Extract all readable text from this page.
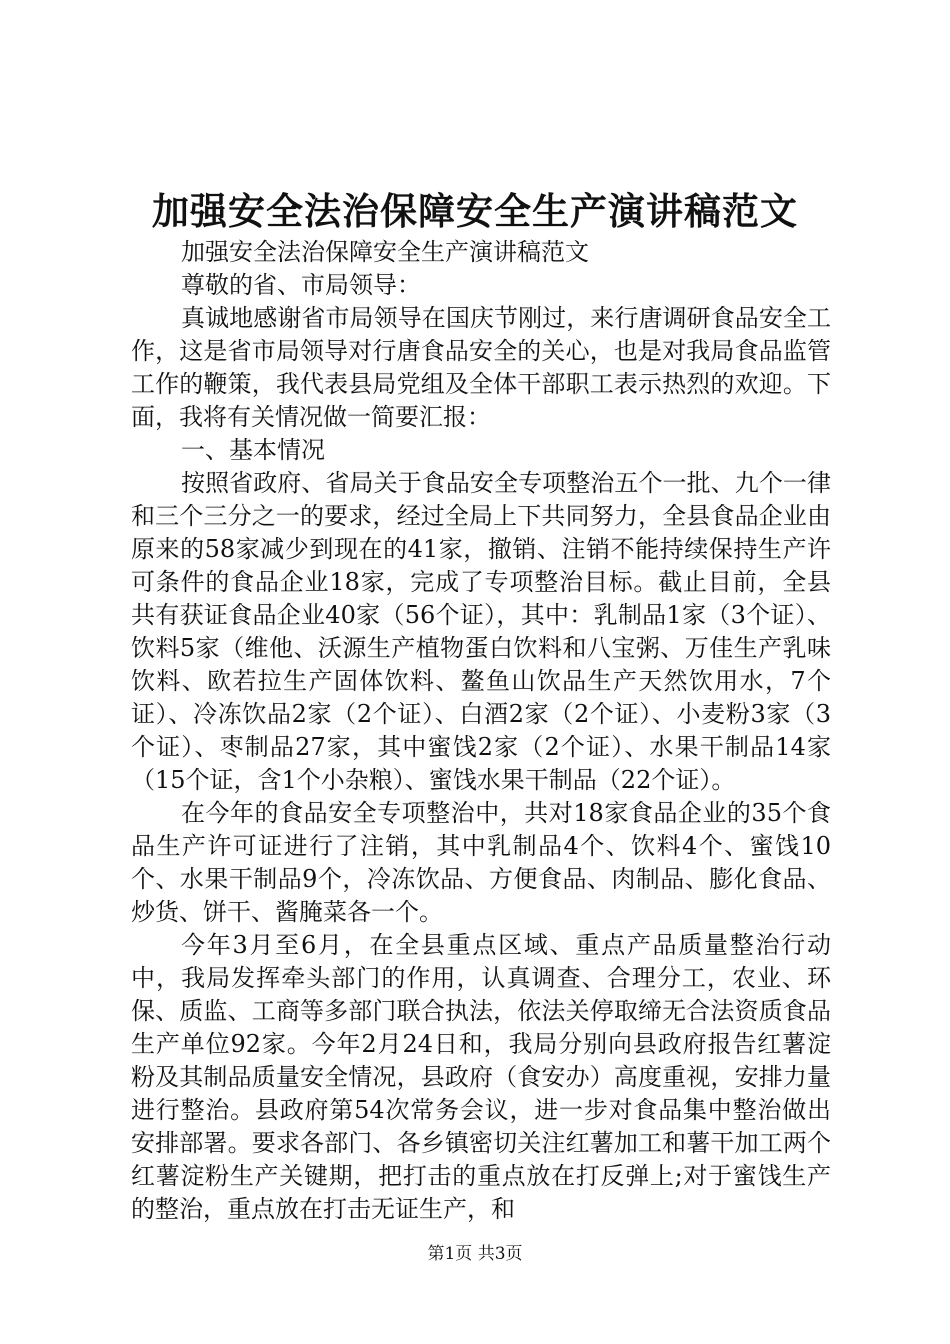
加强安全法治保障安全生产演讲稿范文

加强安全法治保障安全生产演讲稿范文

尊敬的省、市局领导：

真诚地感谢省市局领导在国庆节刚过，来行唐调研食品安全工作，这是省市局领导对行唐食品安全的关心，也是对我局食品监管工作的鞭策，我代表县局党组及全体干部职工表示热烈的欢迎。下面，我将有关情况做一简要汇报：

一、基本情况

按照省政府、省局关于食品安全专项整治五个一批、九个一律和三个三分之一的要求，经过全局上下共同努力，全县食品企业由原来的58家减少到现在的41家，撤销、注销不能持续保持生产许可条件的食品企业18家，完成了专项整治目标。截止目前，全县共有获证食品企业40家（56个证），其中：乳制品1家（3个证）、饮料5家（维他、沃源生产植物蛋白饮料和八宝粥、万佳生产乳味饮料、欧若拉生产固体饮料、鳌鱼山饮品生产天然饮用水，7个证）、冷冻饮品2家（2个证）、白酒2家（2个证）、小麦粉3家（3个证）、枣制品27家，其中蜜饯2家（2个证）、水果干制品14家（15个证，含1个小杂粮）、蜜饯水果干制品（22个证）。

在今年的食品安全专项整治中，共对18家食品企业的35个食品生产许可证进行了注销，其中乳制品4个、饮料4个、蜜饯10个、水果干制品9个，冷冻饮品、方便食品、肉制品、膨化食品、炒货、饼干、酱腌菜各一个。

今年3月至6月，在全县重点区域、重点产品质量整治行动中，我局发挥牵头部门的作用，认真调查、合理分工，农业、环保、质监、工商等多部门联合执法，依法关停取缔无合法资质食品生产单位92家。今年2月24日和，我局分别向县政府报告红薯淀粉及其制品质量安全情况，县政府（食安办）高度重视，安排力量进行整治。县政府第54次常务会议，进一步对食品集中整治做出安排部署。要求各部门、各乡镇密切关注红薯加工和薯干加工两个红薯淀粉生产关键期，把打击的重点放在打反弹上;对于蜜饯生产的整治，重点放在打击无证生产，和

第1页 共3页
